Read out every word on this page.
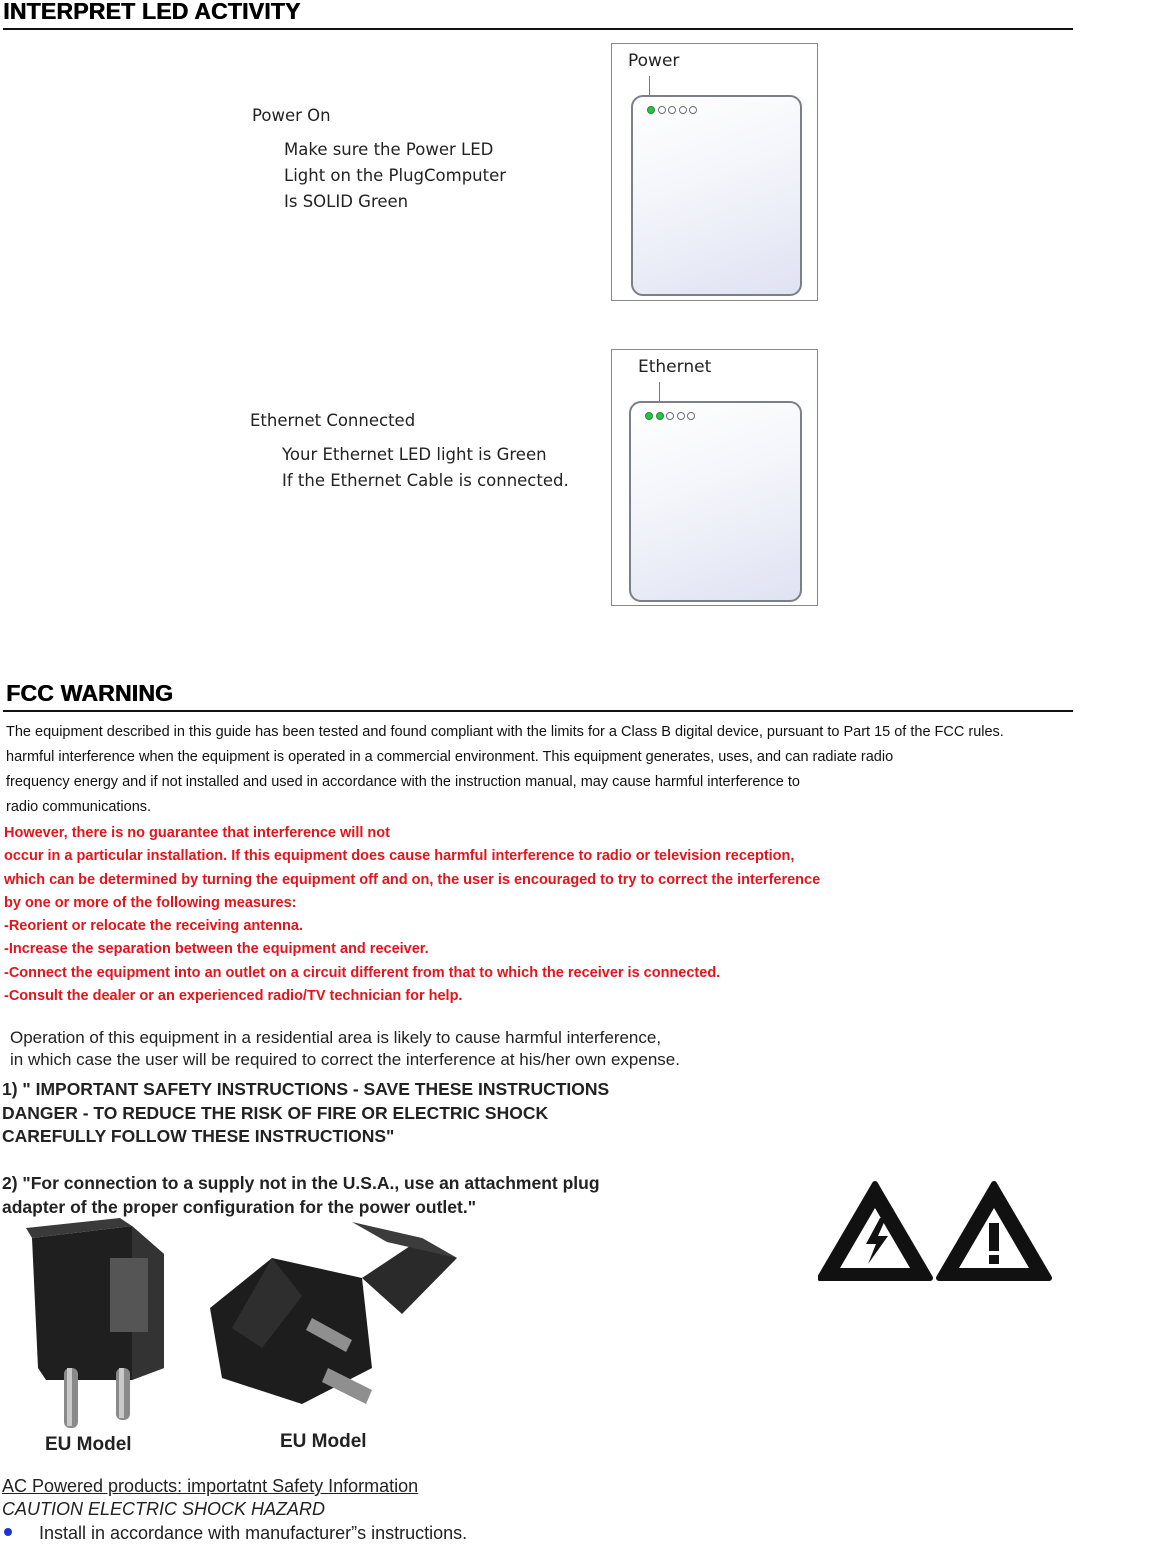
INTERPRET LED ACTIVITY
Power On
Make sure the Power LED
Light on the PlugComputer
Is SOLID Green
Power
Ethernet Connected
Your Ethernet LED light is Green
If the Ethernet Cable is connected.
Ethernet
FCC WARNING
The equipment described in this guide has been tested and found compliant with the limits for a Class B digital device, pursuant to Part 15 of the FCC rules.
harmful interference when the equipment is operated in a commercial environment. This equipment generates, uses, and can radiate radio
frequency energy and if not installed and used in accordance with the instruction manual, may cause harmful interference to
radio communications.
However, there is no guarantee that interference will not
occur in a particular installation. If this equipment does cause harmful interference to radio or television reception,
which can be determined by turning the equipment off and on, the user is encouraged to try to correct the interference
by one or more of the following measures:
-Reorient or relocate the receiving antenna.
-Increase the separation between the equipment and receiver.
-Connect the equipment into an outlet on a circuit different from that to which the receiver is connected.
-Consult the dealer or an experienced radio/TV technician for help.
Operation of this equipment in a residential area is likely to cause harmful interference,
in which case the user will be required to correct the interference at his/her own expense.
1) " IMPORTANT SAFETY INSTRUCTIONS - SAVE THESE INSTRUCTIONS
DANGER - TO REDUCE THE RISK OF FIRE OR ELECTRIC SHOCK
CAREFULLY FOLLOW THESE INSTRUCTIONS"
2) "For connection to a supply not in the U.S.A., use an attachment plug
adapter of the proper configuration for the power outlet."
EU Model	EU Model
AC Powered products: importatnt Safety Information
CAUTION ELECTRIC SHOCK HAZARD
Install in accordance with manufacturer”s instructions.
